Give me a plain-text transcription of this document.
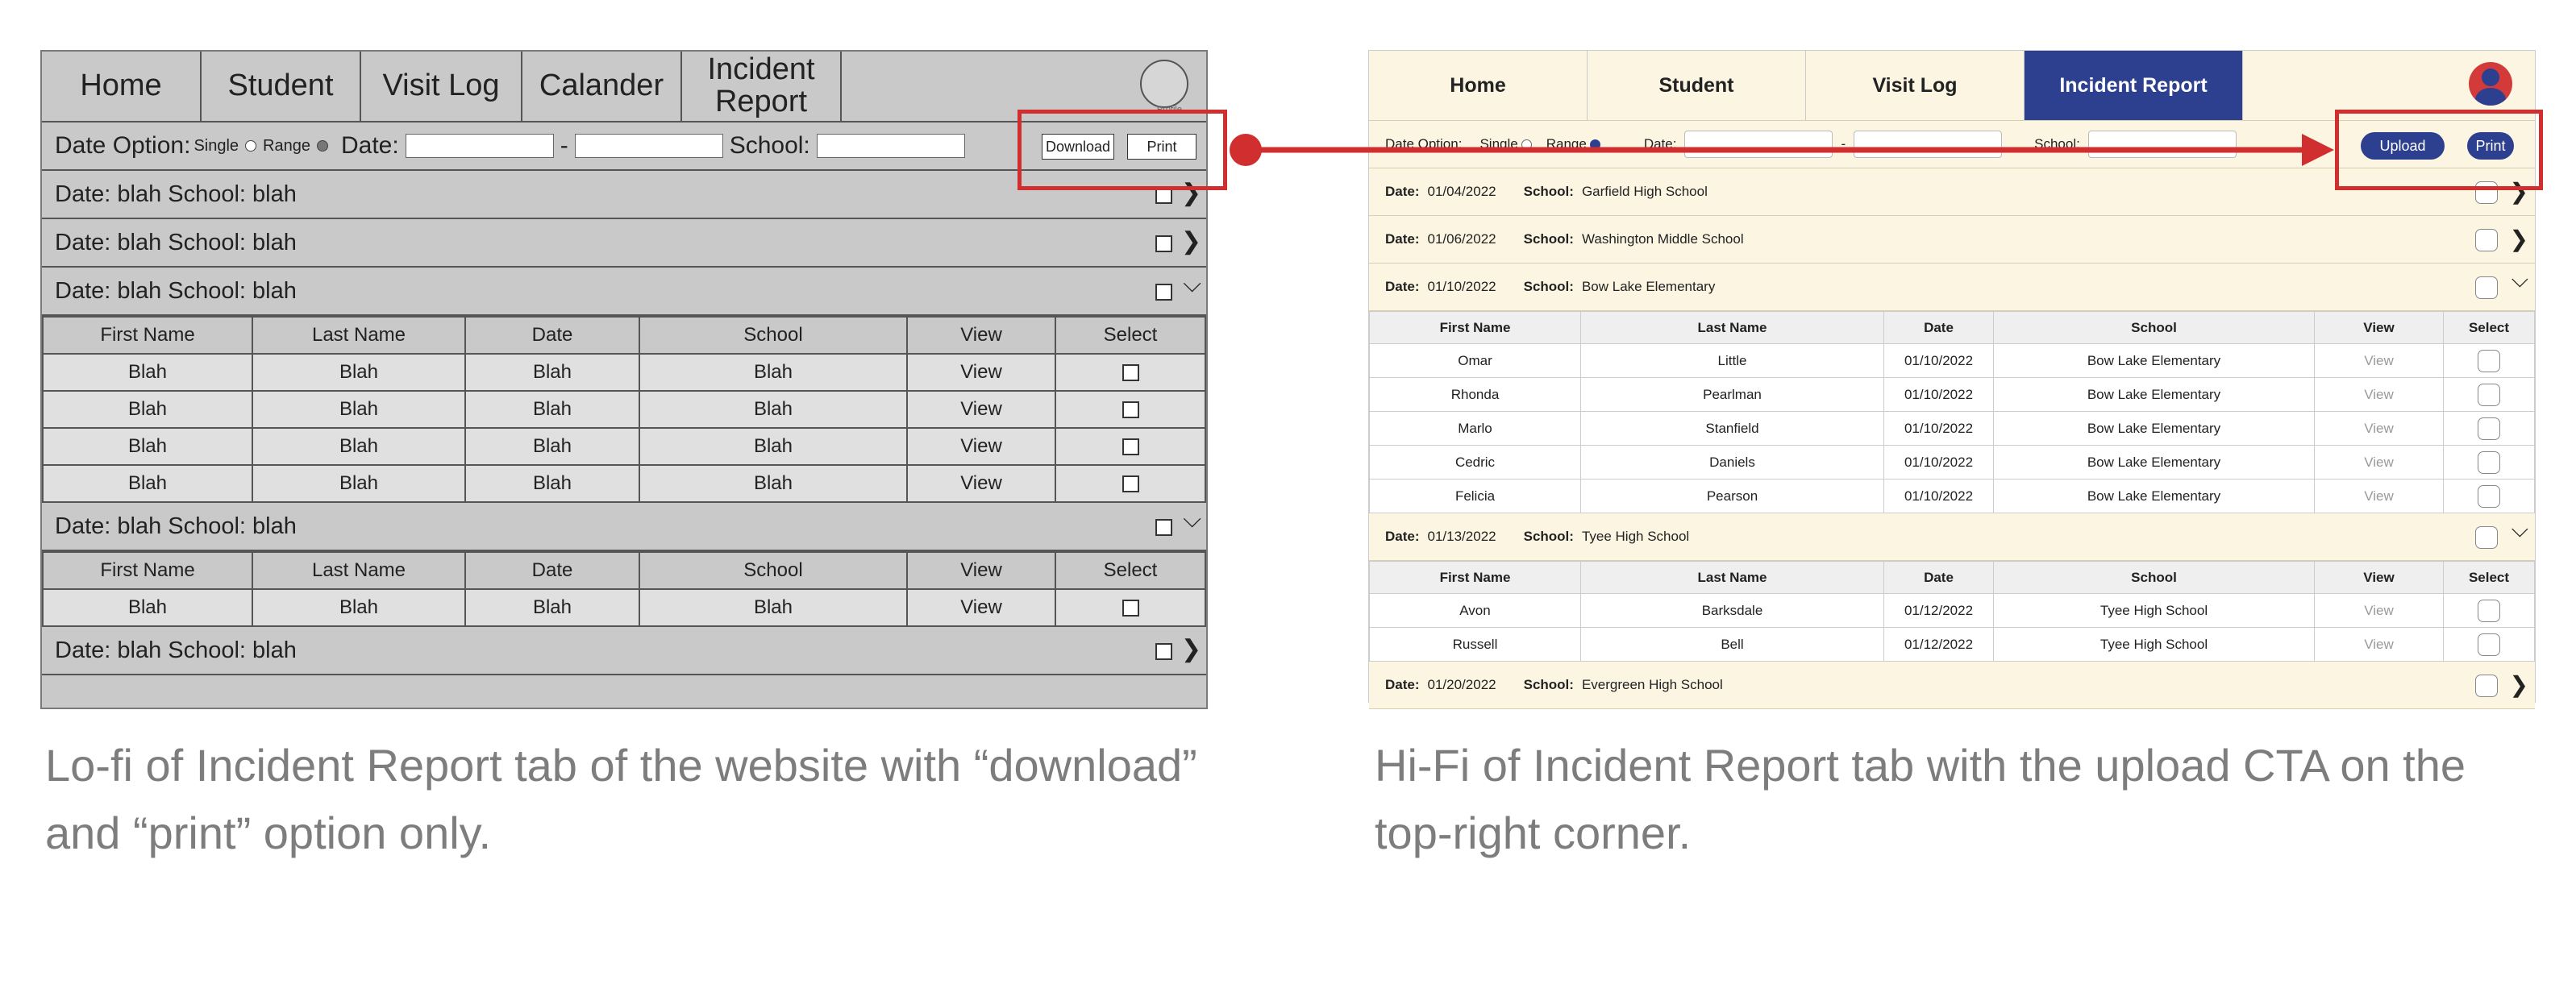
Home	Student	Visit Log	Calander	Incident Report	Profile
Date Option: Single Range Date:	-	School:	Download	Print
Date: blah School: blah	❯
Date: blah School: blah	❯
Date: blah School: blah	⌵
First Name	Last Name	Date	School	View	Select
Blah	Blah	Blah	Blah	View	
Blah	Blah	Blah	Blah	View	
Blah	Blah	Blah	Blah	View	
Blah	Blah	Blah	Blah	View	
Date: blah School: blah	⌵
First Name	Last Name	Date	School	View	Select
Blah	Blah	Blah	Blah	View	
Date: blah School: blah	❯
Home	Student	Visit Log	Incident Report
Date Option: Single Range	Date:	-	School:	Upload	Print
Date: 01/04/2022 School: Garfield High School	❯
Date: 01/06/2022 School: Washington Middle School	❯
Date: 01/10/2022 School: Bow Lake Elementary	⌵
First Name	Last Name	Date	School	View	Select
Omar	Little	01/10/2022	Bow Lake Elementary	View	
Rhonda	Pearlman	01/10/2022	Bow Lake Elementary	View	
Marlo	Stanfield	01/10/2022	Bow Lake Elementary	View	
Cedric	Daniels	01/10/2022	Bow Lake Elementary	View	
Felicia	Pearson	01/10/2022	Bow Lake Elementary	View	
Date: 01/13/2022 School: Tyee High School	⌵
First Name	Last Name	Date	School	View	Select
Avon	Barksdale	01/12/2022	Tyee High School	View	
Russell	Bell	01/12/2022	Tyee High School	View	
Date: 01/20/2022 School: Evergreen High School	❯
Lo-fi of Incident Report tab of the website with “download” and “print” option only.
Hi-Fi of Incident Report tab with the upload CTA on the top-right corner.
